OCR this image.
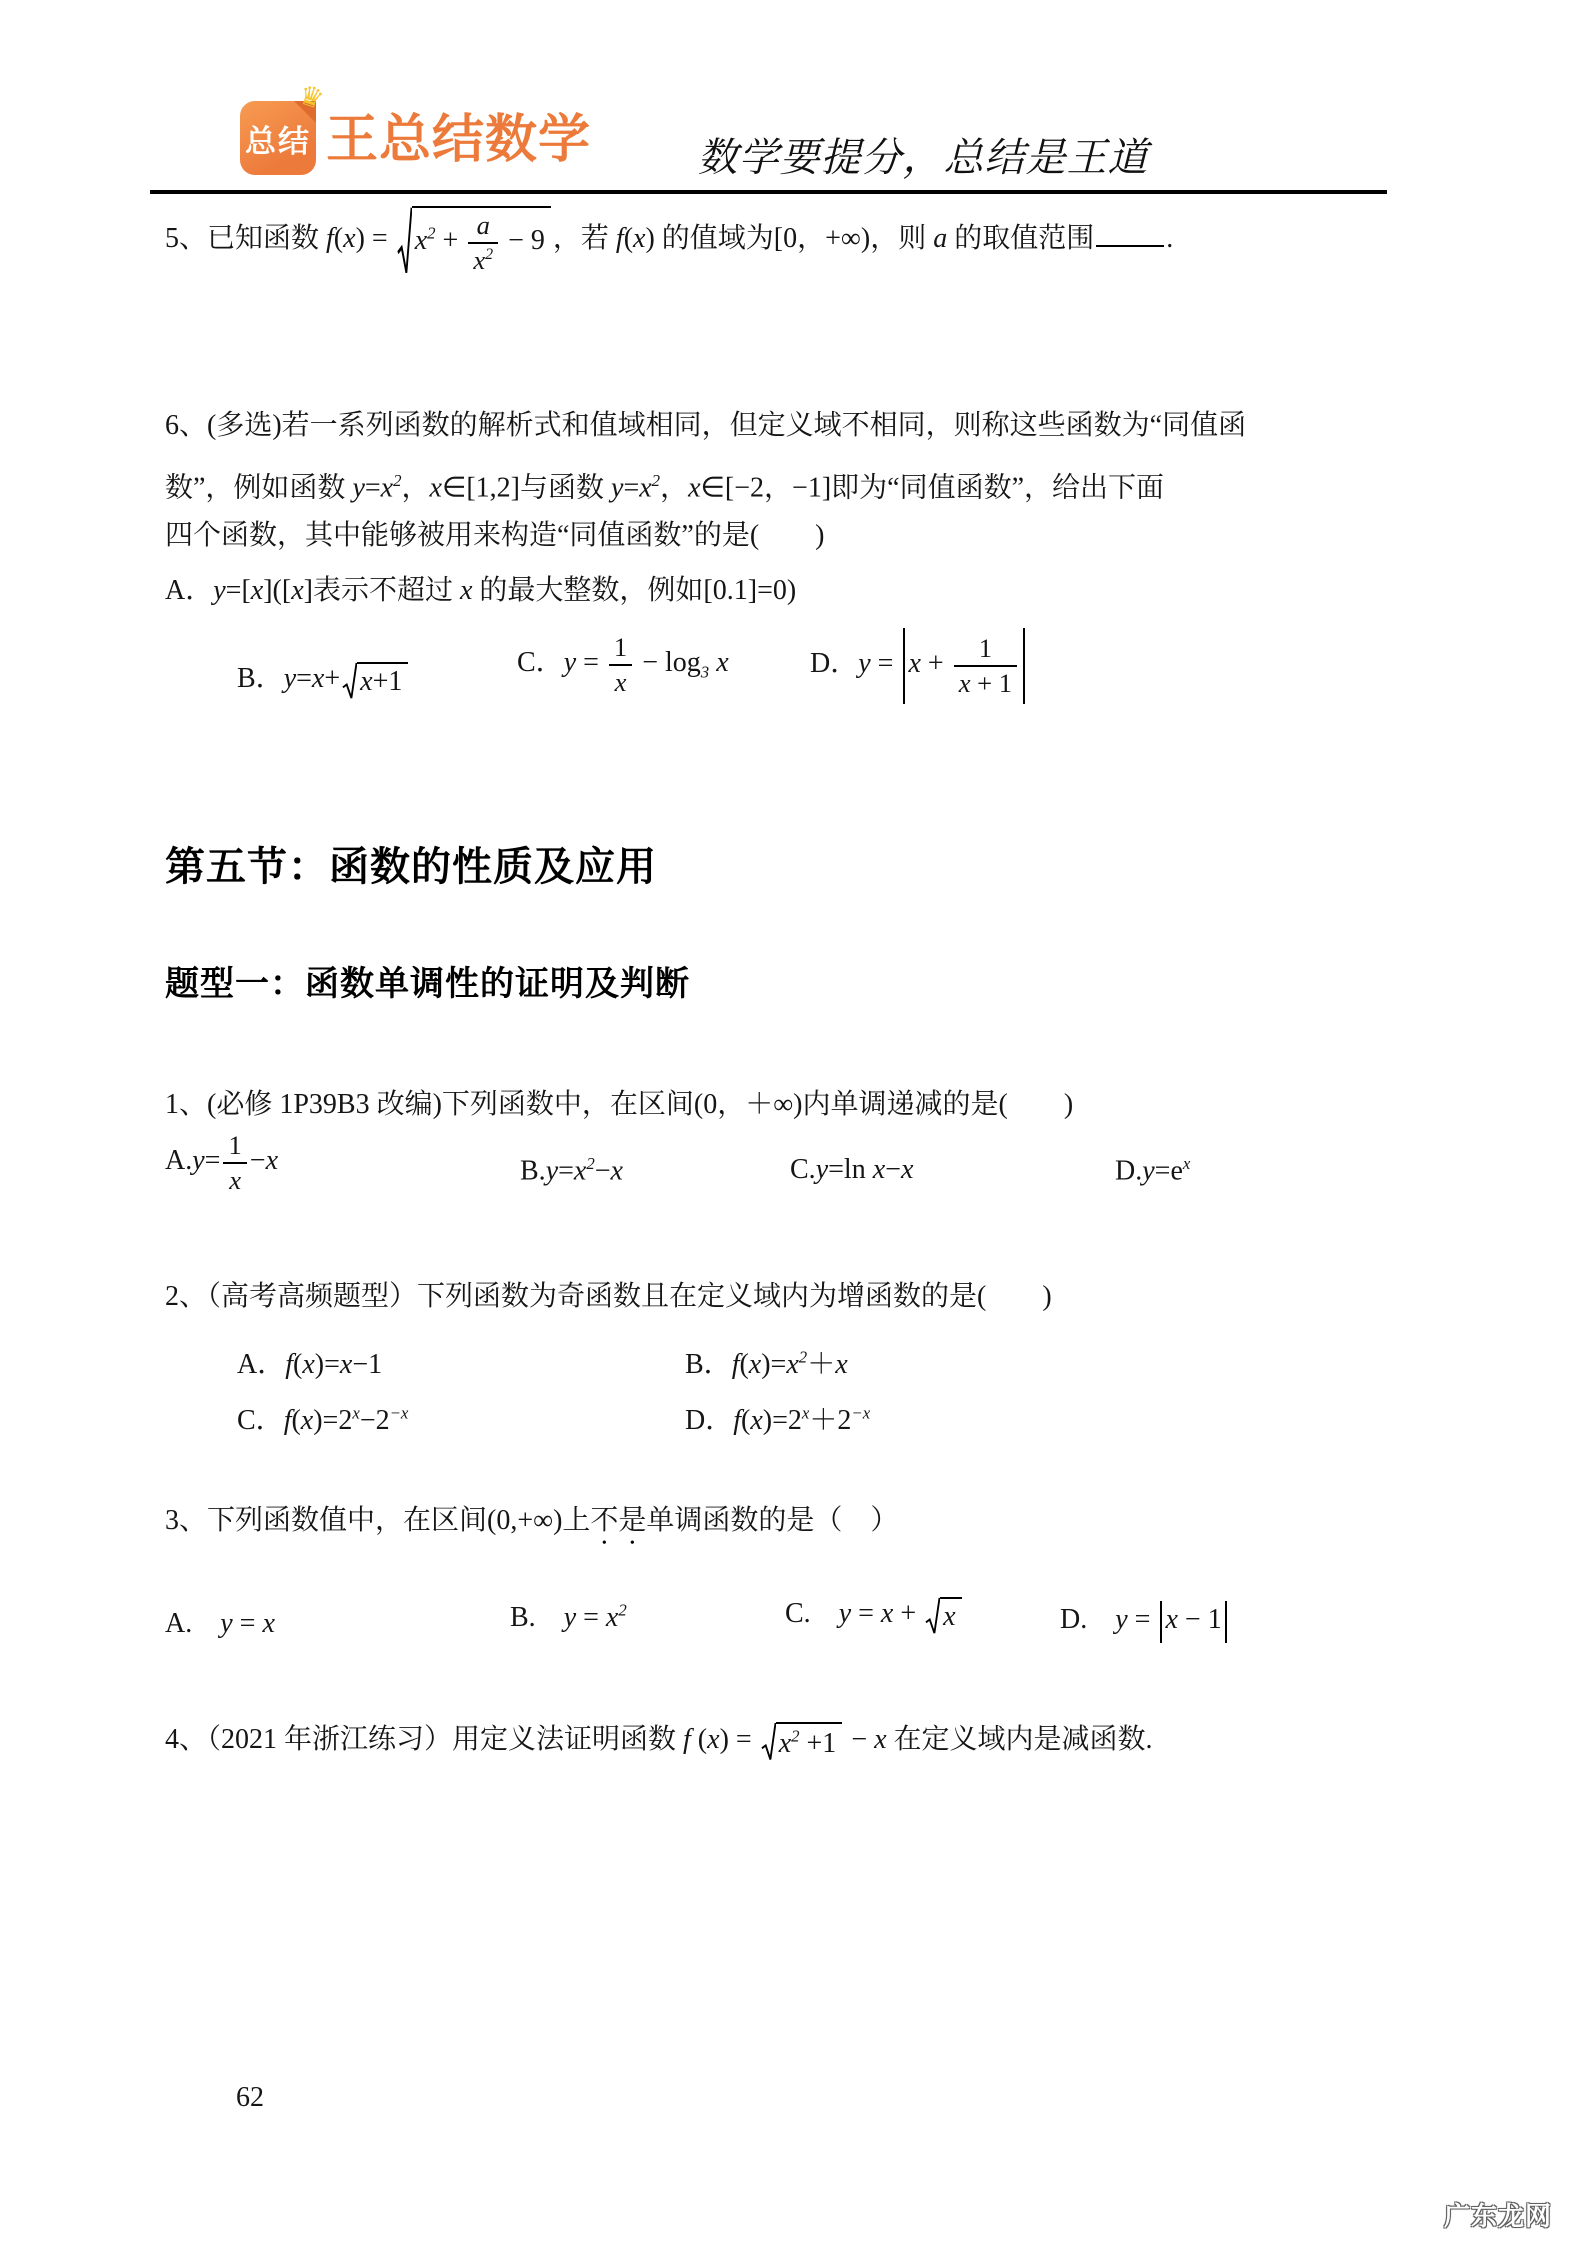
♛
总结 王总结数学	数学要提分，总结是王道
5、已知函数 $f(x) = x^2 + \frac{a}{x^2} - 9$ ，若 f(x) 的值域为[0，+∞)，则 a 的取值范围	.
6、(多选)若一系列函数的解析式和值域相同，但定义域不相同，则称这些函数为“同值函
数”，例如函数 $y=x^2$，x∈[1,2]与函数 $y=x^2$，x∈[−2，−1]即为“同值函数”，给出下面
四个函数，其中能够被用来构造“同值函数”的是(　　)
A．y=[x]([x]表示不超过 x 的最大整数，例如[0.1]=0)
B．y=x+ x+1
C．$y = \frac{1}{x} - \log_3 x$	D．$y = x + \frac{1}{x + 1}$
第五节：函数的性质及应用
题型一：函数单调性的证明及判断
1、(必修 1P39B3 改编)下列函数中，在区间(0，＋∞)内单调递减的是(　　)
$A.y= \frac{1}{x} -x$	$B.y=x^2-x$	C.y=ln x−x	$D.y=e^x$
2、（高考高频题型）下列函数为奇函数且在定义域内为增函数的是(　　)
A．f(x)=x−1	B．$f(x)=x^2+x$
C．$f(x)=2^x-2^{-x}$	D．$f(x)=2^x+2^{-x}$
3、下列函数值中，在区间(0,+∞)上不是单调函数的是（　）
A.　y = x	B.　$y = x^2$	C.　y = x + x	D.　y = x − 1
4、（2021 年浙江练习）用定义法证明函数 f $(x) = x^2 +1 - x$ 在定义域内是减函数.
62
广东龙网
